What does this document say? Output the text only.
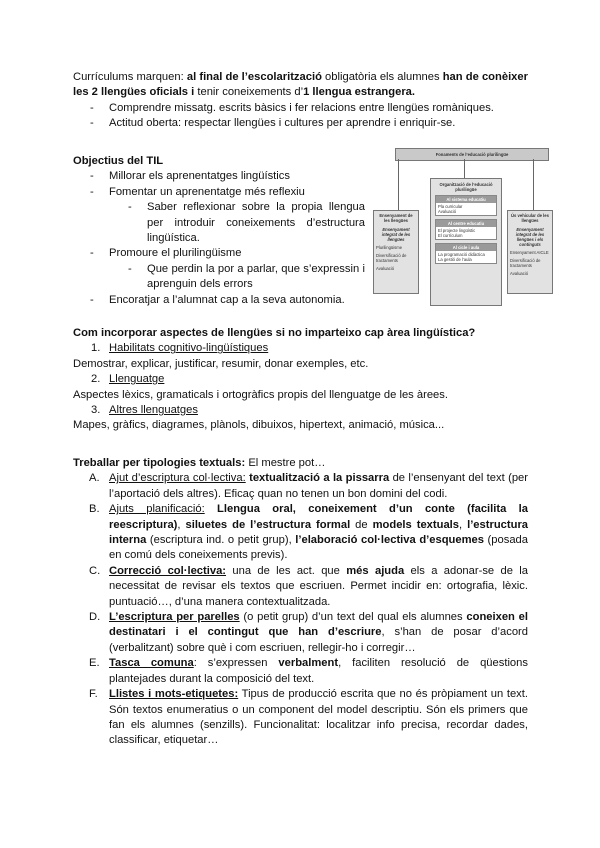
Currículums marquen: al final de l’escolarització obligatòria els alumnes han de conèixer les 2 llengües oficials i tenir coneixements d’1 llengua estrangera.

- Comprendre missatg. escrits bàsics i fer relacions entre llengües romàniques.
- Actitud oberta: respectar llengües i cultures per aprendre i enriquir-se.

Objectius del TIL

- Millorar els aprenentatges lingüístics
- Fomentar un aprenentatge més reflexiu
- Saber reflexionar sobre la propia llengua per introduir coneixements d’estructura lingüística.
- Promoure el plurilingüisme
- Que perdin la por a parlar, que s’expressin i aprenguin dels errors
- Encoratjar a l’alumnat cap a la seva autonomia.
Fonaments de l’educació plurilingüe
Ensenyament de les llengües
Ensenyament integrat de les llengües
Plurilingüisme
Diversificació de tractaments
Avaluació
Organització de l’educació plurilingüe
Al sistema educatiu
Pla curricular
Avaluació
Al centre educatiu
El projecte lingüístic
El currículum
Al cicle i aula
La programació didàctica
La gestió de l’aula
Ús vehicular de les llengües
Ensenyament integrat de les llengües i els continguts
Ensenyament AICLE
Diversificació de tractaments
Avaluació

Com incorporar aspectes de llengües si no imparteixo cap àrea lingüística?

1. Habilitats cognitivo-lingüístiques

Demostrar, explicar, justificar, resumir, donar exemples, etc.

2. Llenguatge

Aspectes lèxics, gramaticals i ortogràfics propis del llenguatge de les àrees.

3. Altres llenguatges

Mapes, gràfics, diagrames, plànols, dibuixos, hipertext, animació, música...

Treballar per tipologies textuals: El mestre pot…

A. Ajut d’escriptura col·lectiva: textualització a la pissarra de l’ensenyant del text (per l’aportació dels altres). Eficaç quan no tenen un bon domini del codi.

B. Ajuts planificació: Llengua oral, coneixement d’un conte (facilita la reescriptura), siluetes de l’estructura formal de models textuals, l’estructura interna (escriptura ind. o petit grup), l’elaboració col·lectiva d’esquemes (posada en comú dels coneixements previs).

C. Correcció col·lectiva: una de les act. que més ajuda els a adonar-se de la necessitat de revisar els textos que escriuen. Permet incidir en: ortografia, lèxic. puntuació…, d’una manera contextualitzada.

D. L’escriptura per parelles (o petit grup) d’un text del qual els alumnes coneixen el destinatari i el contingut que han d’escriure, s’han de posar d’acord (verbalitzant) sobre què i com escriuen, rellegir-ho i corregir…

E. Tasca comuna: s’expressen verbalment, faciliten resolució de qüestions plantejades durant la composició del text.

F. Llistes i mots-etiquetes: Tipus de producció escrita que no és pròpiament un text. Són textos enumeratius o un component del model descriptiu. Són els primers que fan els alumnes (senzills). Funcionalitat: localitzar info precisa, recordar dades, classificar, etiquetar…
